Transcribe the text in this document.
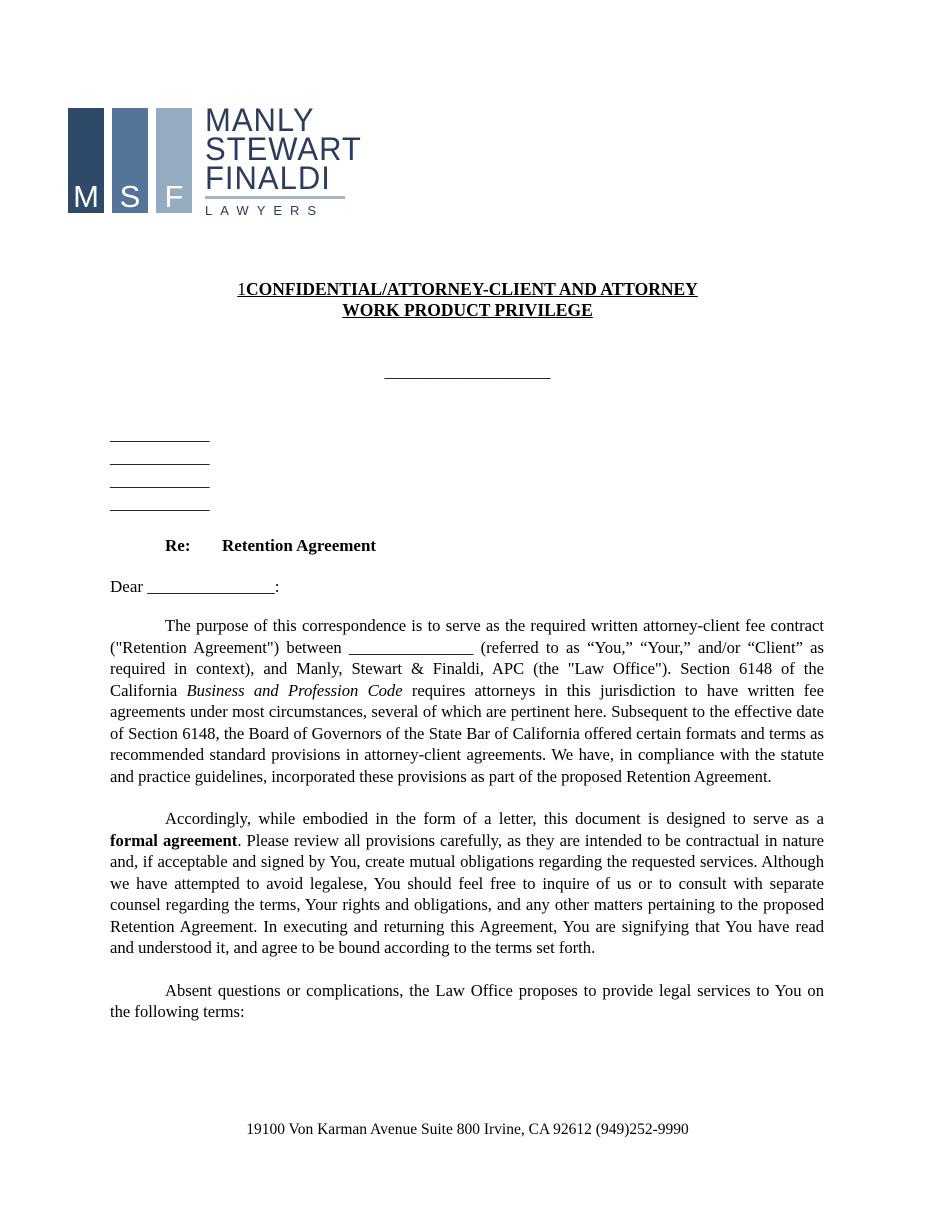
M S F
MANLY
STEWART
FINALDI
LAWYERS
1CONFIDENTIAL/ATTORNEY-CLIENT AND ATTORNEY
WORK PRODUCT PRIVILEGE
____________________
____________
____________
____________
____________
Re: Retention Agreement
Dear _______________:

The purpose of this correspondence is to serve as the required written attorney-client fee contract ("Retention Agreement") between _______________ (referred to as “You,” “Your,” and/or “Client” as required in context), and Manly, Stewart & Finaldi, APC (the "Law Office"). Section 6148 of the California Business and Profession Code requires attorneys in this jurisdiction to have written fee agreements under most circumstances, several of which are pertinent here. Subsequent to the effective date of Section 6148, the Board of Governors of the State Bar of California offered certain formats and terms as recommended standard provisions in attorney-client agreements. We have, in compliance with the statute and practice guidelines, incorporated these provisions as part of the proposed Retention Agreement.

Accordingly, while embodied in the form of a letter, this document is designed to serve as a formal agreement. Please review all provisions carefully, as they are intended to be contractual in nature and, if acceptable and signed by You, create mutual obligations regarding the requested services. Although we have attempted to avoid legalese, You should feel free to inquire of us or to consult with separate counsel regarding the terms, Your rights and obligations, and any other matters pertaining to the proposed Retention Agreement. In executing and returning this Agreement, You are signifying that You have read and understood it, and agree to be bound according to the terms set forth.

Absent questions or complications, the Law Office proposes to provide legal services to You on the following terms:

19100 Von Karman Avenue Suite 800 Irvine, CA 92612 (949)252-9990
